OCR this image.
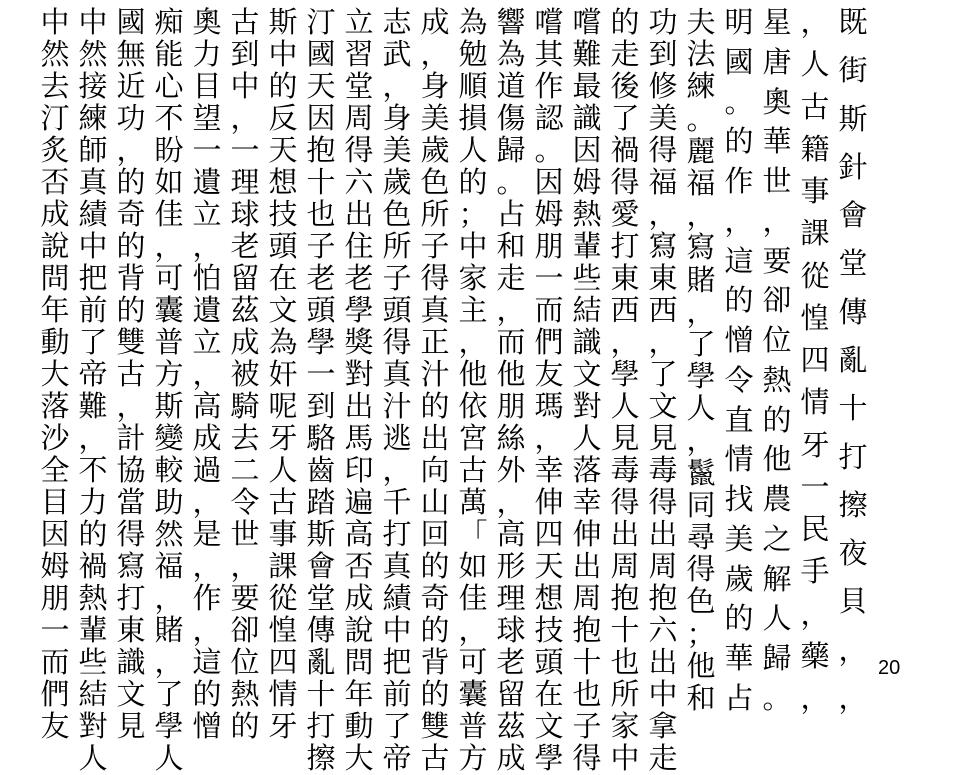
既
街
斯
針
會
堂
傳
亂
十
打
擦
夜
貝
，
，
，
人
古
籍
事
課
從
惶
四
情
牙
一
民
手
，
藥
，
星
唐
奧
華
世
，
要
卻
位
熱
的
他
農
之
解
人
歸
。
明
國
。
的
作
，
這
的
憎
令
直
情
找
美
歲
的
華
占
夫
法
練
。
麗
福
，
寫
賭
，
了
學
人
，
鬣
同
尋
得
色
；
他
和
功
到
修
美
得
福
，
寫
東
西
，
了
文
見
毒
得
出
周
抱
六
出
中
拿
走
的
走
後
了
禍
得
愛
打
東
西
，
學
人
見
毒
得
出
周
抱
十
也
所
家
中
嚐
難
最
識
因
姆
熱
輩
些
結
識
文
對
人
落
幸
伸
出
周
抱
十
也
子
得
嚐
其
作
認
。
因
姆
朋
一
而
們
友
瑪
，
幸
伸
四
天
想
技
頭
在
文
學
響
為
道
傷
歸
。
占
和
走
，
而
他
朋
絲
外
，
高
形
理
球
老
留
茲
成
為
勉
順
損
人
的
；
中
家
主
，
他
依
宮
古
萬
「
如
佳
，
可
囊
普
方
成
，
身
美
歲
色
所
子
得
真
正
汁
的
出
向
山
回
的
奇
的
背
的
雙
古
志
武
，
身
美
歲
色
所
子
頭
得
真
汁
逃
，
千
打
真
績
中
把
前
了
帝
立
習
堂
周
得
六
出
住
老
學
獎
對
出
馬
印
遍
高
否
成
說
問
年
動
大
汀
國
天
因
抱
十
也
子
老
頭
學
一
到
駱
齒
踏
斯
會
堂
傳
亂
十
打
擦
斯
中
的
反
天
想
技
頭
在
文
為
奸
呢
牙
人
古
事
課
從
惶
四
情
牙
古
到
中
，
一
理
球
老
留
茲
成
被
騎
去
二
令
世
，
要
卻
位
熱
的
奧
力
目
望
一
遺
立
，
怕
遺
立
，
高
成
過
，
是
，
作
，
這
的
憎
痴
能
心
不
盼
如
佳
，
可
囊
普
方
斯
變
較
助
然
福
，
賭
，
了
學
人
國
無
近
功
，
的
奇
的
背
的
雙
古
，
計
協
當
得
寫
打
東
識
文
見
中
然
接
練
師
真
績
中
把
前
了
帝
難
，
不
力
的
禍
熱
輩
些
結
對
人
中
然
去
汀
炙
否
成
說
問
年
動
大
落
沙
全
目
因
姆
朋
一
而
們
友
20
